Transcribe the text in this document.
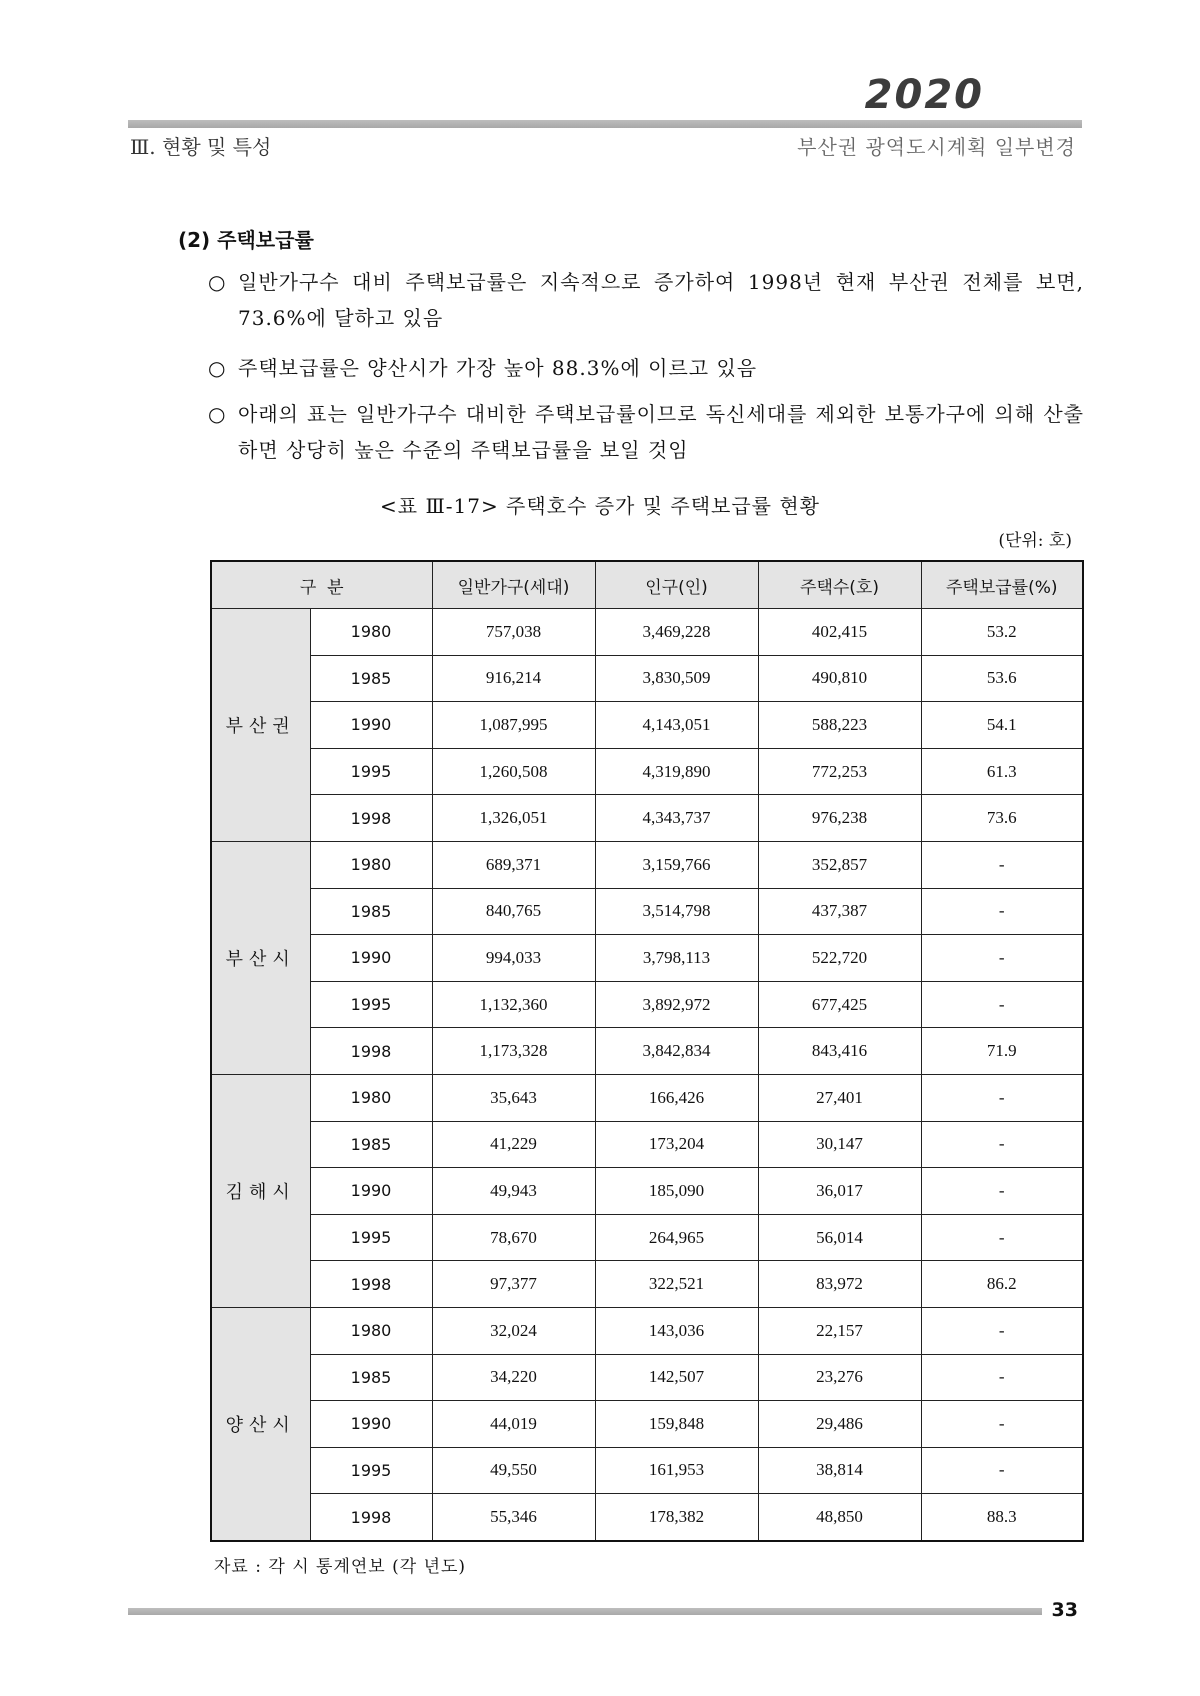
2020
Ⅲ. 현황 및 특성	부산권 광역도시계획 일부변경
(2) 주택보급률
○ 일반가구수 대비 주택보급률은 지속적으로 증가하여 1998년 현재 부산권 전체를 보면, 73.6%에 달하고 있음
○ 주택보급률은 양산시가 가장 높아 88.3%에 이르고 있음
○ 아래의 표는 일반가구수 대비한 주택보급률이므로 독신세대를 제외한 보통가구에 의해 산출하면 상당히 높은 수준의 주택보급률을 보일 것임
<표 Ⅲ-17> 주택호수 증가 및 주택보급률 현황
(단위: 호)
구  분		일반가구(세대)	인구(인)	주택수(호)	주택보급률(%)
부산권	1980	757,038	3,469,228	402,415	53.2
	1985	916,214	3,830,509	490,810	53.6
	1990	1,087,995	4,143,051	588,223	54.1
	1995	1,260,508	4,319,890	772,253	61.3
	1998	1,326,051	4,343,737	976,238	73.6
부산시	1980	689,371	3,159,766	352,857	-
	1985	840,765	3,514,798	437,387	-
	1990	994,033	3,798,113	522,720	-
	1995	1,132,360	3,892,972	677,425	-
	1998	1,173,328	3,842,834	843,416	71.9
김해시	1980	35,643	166,426	27,401	-
	1985	41,229	173,204	30,147	-
	1990	49,943	185,090	36,017	-
	1995	78,670	264,965	56,014	-
	1998	97,377	322,521	83,972	86.2
양산시	1980	32,024	143,036	22,157	-
	1985	34,220	142,507	23,276	-
	1990	44,019	159,848	29,486	-
	1995	49,550	161,953	38,814	-
	1998	55,346	178,382	48,850	88.3
자료 : 각 시 통계연보 (각 년도)
33
